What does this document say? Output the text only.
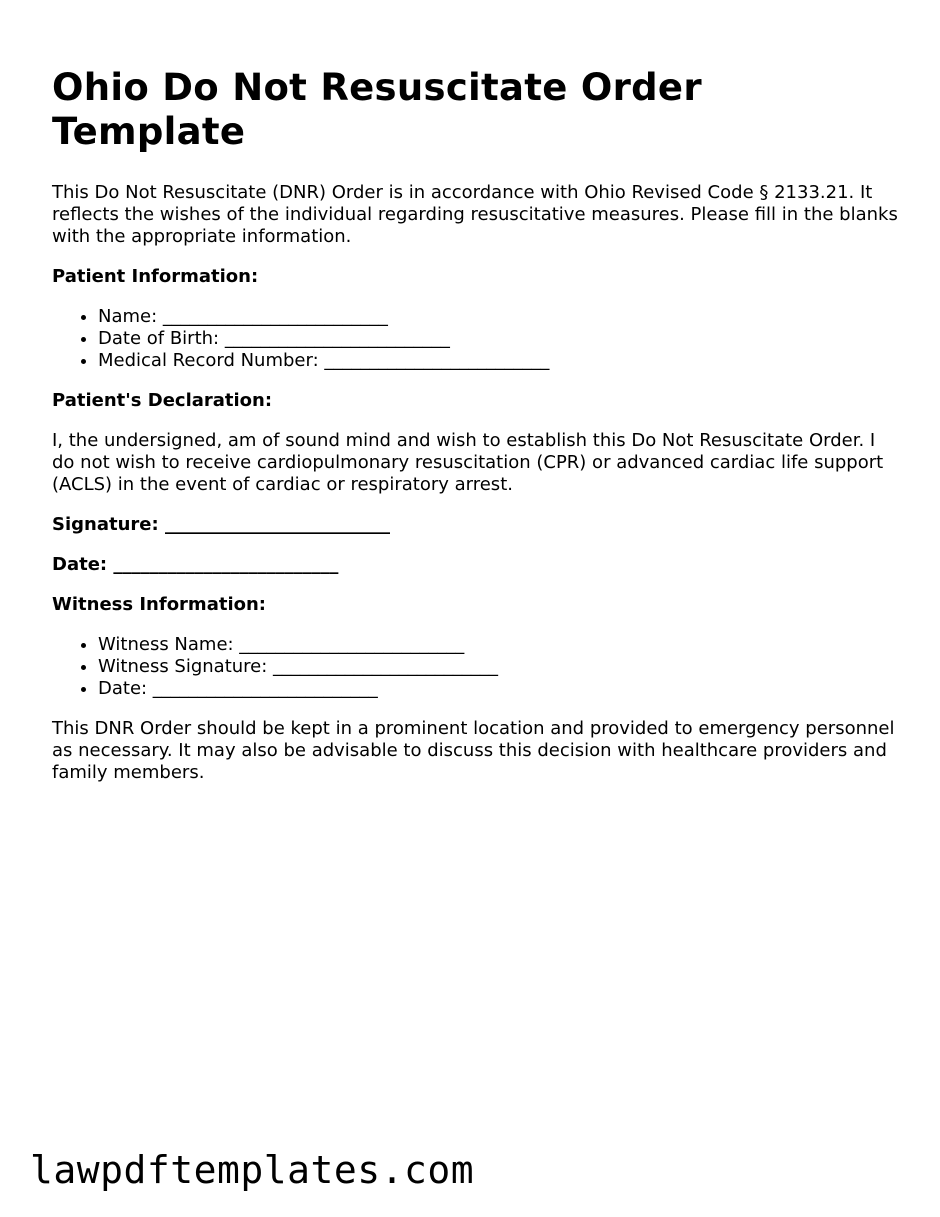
Ohio Do Not Resuscitate Order Template

This Do Not Resuscitate (DNR) Order is in accordance with Ohio Revised Code § 2133.21. It reflects the wishes of the individual regarding resuscitative measures. Please fill in the blanks with the appropriate information.

Patient Information:
• Name: _________________________
• Date of Birth: _________________________
• Medical Record Number: _________________________
Patient's Declaration:

I, the undersigned, am of sound mind and wish to establish this Do Not Resuscitate Order. I do not wish to receive cardiopulmonary resuscitation (CPR) or advanced cardiac life support (ACLS) in the event of cardiac or respiratory arrest.

Signature: _________________________
Date: _________________________
Witness Information:
• Witness Name: _________________________
• Witness Signature: _________________________
• Date: _________________________

This DNR Order should be kept in a prominent location and provided to emergency personnel as necessary. It may also be advisable to discuss this decision with healthcare providers and family members.

lawpdftemplates.com
